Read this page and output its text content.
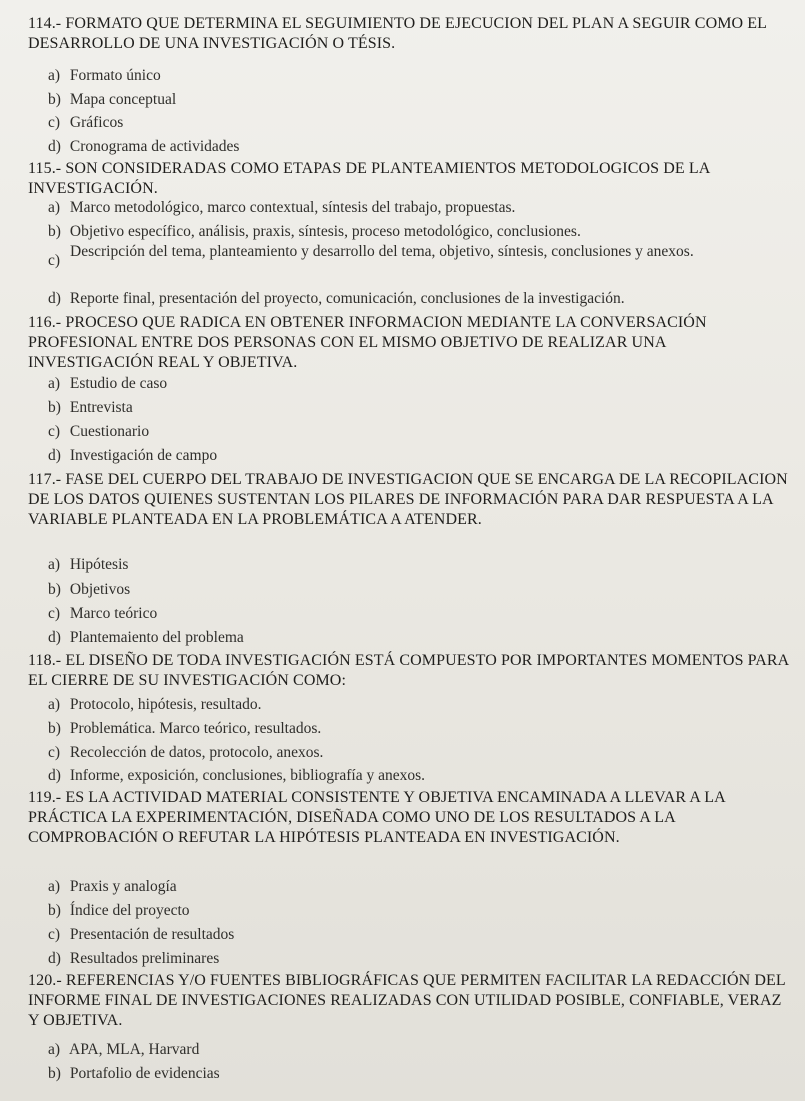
114.- FORMATO QUE DETERMINA EL SEGUIMIENTO DE EJECUCION DEL PLAN A SEGUIR COMO EL DESARROLLO DE UNA INVESTIGACIÓN O TÉSIS.
a) Formato único
b) Mapa conceptual
c) Gráficos
d) Cronograma de actividades
115.- SON CONSIDERADAS COMO ETAPAS DE PLANTEAMIENTOS METODOLOGICOS DE LA INVESTIGACIÓN.
a) Marco metodológico, marco contextual, síntesis del trabajo, propuestas.
b) Objetivo específico, análisis, praxis, síntesis, proceso metodológico, conclusiones.
c)
Descripción del tema, planteamiento y desarrollo del tema, objetivo, síntesis, conclusiones y anexos.
d) Reporte final, presentación del proyecto, comunicación, conclusiones de la investigación.
116.- PROCESO QUE RADICA EN OBTENER INFORMACION MEDIANTE LA CONVERSACIÓN PROFESIONAL ENTRE DOS PERSONAS CON EL MISMO OBJETIVO DE REALIZAR UNA INVESTIGACIÓN REAL Y OBJETIVA.
a) Estudio de caso
b) Entrevista
c) Cuestionario
d) Investigación de campo
117.- FASE DEL CUERPO DEL TRABAJO DE INVESTIGACION QUE SE ENCARGA DE LA RECOPILACION DE LOS DATOS QUIENES SUSTENTAN LOS PILARES DE INFORMACIÓN PARA DAR RESPUESTA A LA VARIABLE PLANTEADA EN LA PROBLEMÁTICA A ATENDER.
a) Hipótesis
b) Objetivos
c) Marco teórico
d) Plantemaiento del problema
118.- EL DISEÑO DE TODA INVESTIGACIÓN ESTÁ COMPUESTO POR IMPORTANTES MOMENTOS PARA EL CIERRE DE SU INVESTIGACIÓN COMO:
a) Protocolo, hipótesis, resultado.
b) Problemática. Marco teórico, resultados.
c) Recolección de datos, protocolo, anexos.
d) Informe, exposición, conclusiones, bibliografía y anexos.
119.- ES LA ACTIVIDAD MATERIAL CONSISTENTE Y OBJETIVA ENCAMINADA A LLEVAR A LA PRÁCTICA LA EXPERIMENTACIÓN, DISEÑADA COMO UNO DE LOS RESULTADOS A LA COMPROBACIÓN O REFUTAR LA HIPÓTESIS PLANTEADA EN INVESTIGACIÓN.
a) Praxis y analogía
b) Índice del proyecto
c) Presentación de resultados
d) Resultados preliminares
120.- REFERENCIAS Y/O FUENTES BIBLIOGRÁFICAS QUE PERMITEN FACILITAR LA REDACCIÓN DEL INFORME FINAL DE INVESTIGACIONES REALIZADAS CON UTILIDAD POSIBLE, CONFIABLE, VERAZ Y OBJETIVA.
a) APA, MLA, Harvard
b) Portafolio de evidencias
